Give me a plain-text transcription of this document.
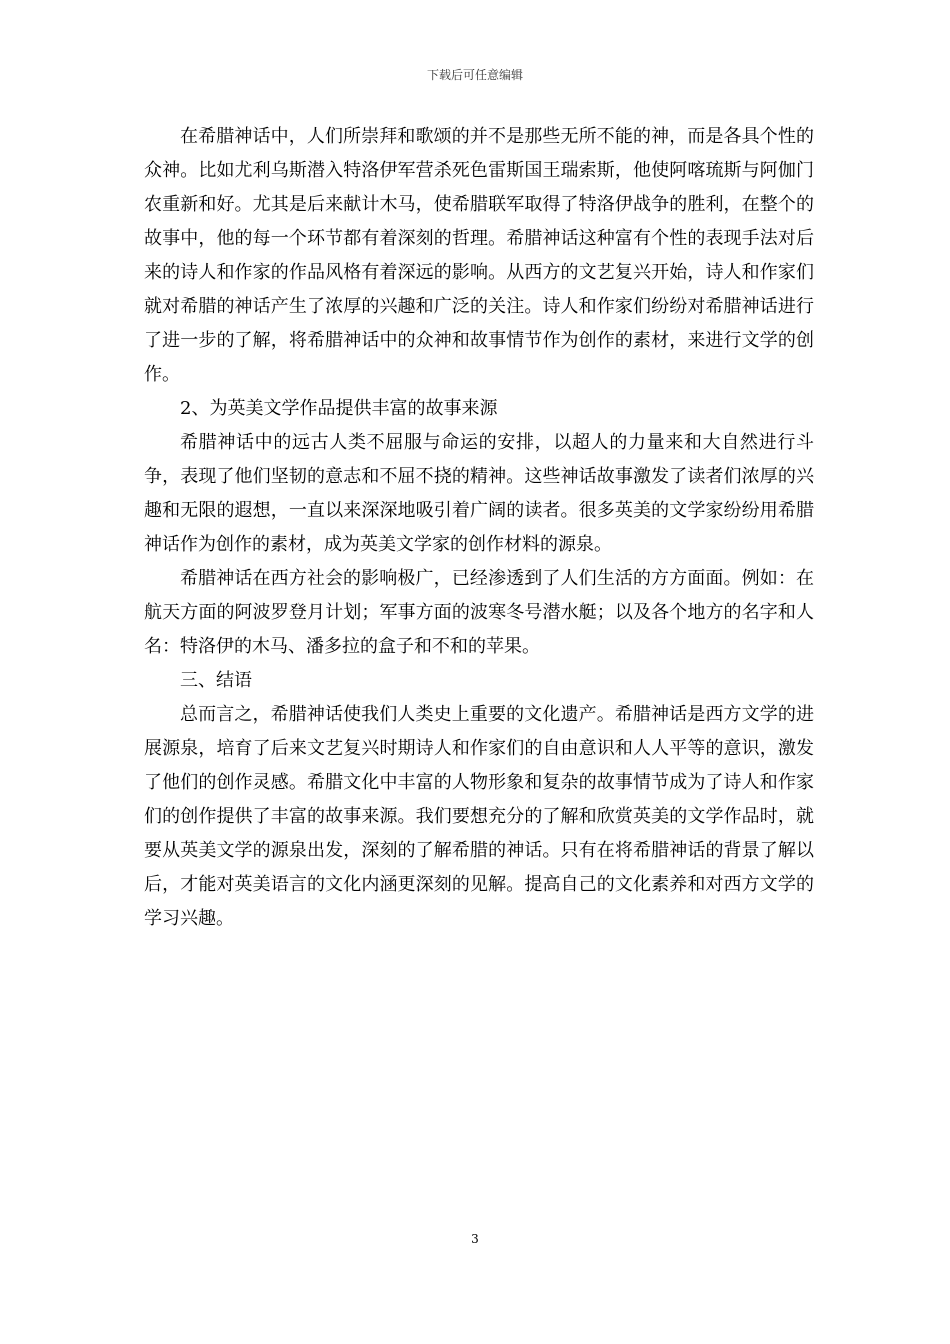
下载后可任意编辑

在希腊神话中，人们所崇拜和歌颂的并不是那些无所不能的神，而是各具个性的众神。比如尤利乌斯潜入特洛伊军营杀死色雷斯国王瑞索斯，他使阿喀琉斯与阿伽门农重新和好。尤其是后来献计木马，使希腊联军取得了特洛伊战争的胜利，在整个的故事中，他的每一个环节都有着深刻的哲理。希腊神话这种富有个性的表现手法对后来的诗人和作家的作品风格有着深远的影响。从西方的文艺复兴开始，诗人和作家们就对希腊的神话产生了浓厚的兴趣和广泛的关注。诗人和作家们纷纷对希腊神话进行了进一步的了解，将希腊神话中的众神和故事情节作为创作的素材，来进行文学的创作。

2、为英美文学作品提供丰富的故事来源

希腊神话中的远古人类不屈服与命运的安排，以超人的力量来和大自然进行斗争，表现了他们坚韧的意志和不屈不挠的精神。这些神话故事激发了读者们浓厚的兴趣和无限的遐想，一直以来深深地吸引着广阔的读者。很多英美的文学家纷纷用希腊神话作为创作的素材，成为英美文学家的创作材料的源泉。

希腊神话在西方社会的影响极广，已经渗透到了人们生活的方方面面。例如：在航天方面的阿波罗登月计划；军事方面的波寒冬号潜水艇；以及各个地方的名字和人名：特洛伊的木马、潘多拉的盒子和不和的苹果。

三、结语

总而言之，希腊神话使我们人类史上重要的文化遗产。希腊神话是西方文学的进展源泉，培育了后来文艺复兴时期诗人和作家们的自由意识和人人平等的意识，激发了他们的创作灵感。希腊文化中丰富的人物形象和复杂的故事情节成为了诗人和作家们的创作提供了丰富的故事来源。我们要想充分的了解和欣赏英美的文学作品时，就要从英美文学的源泉出发，深刻的了解希腊的神话。只有在将希腊神话的背景了解以后，才能对英美语言的文化内涵更深刻的见解。提高自己的文化素养和对西方文学的学习兴趣。

3
